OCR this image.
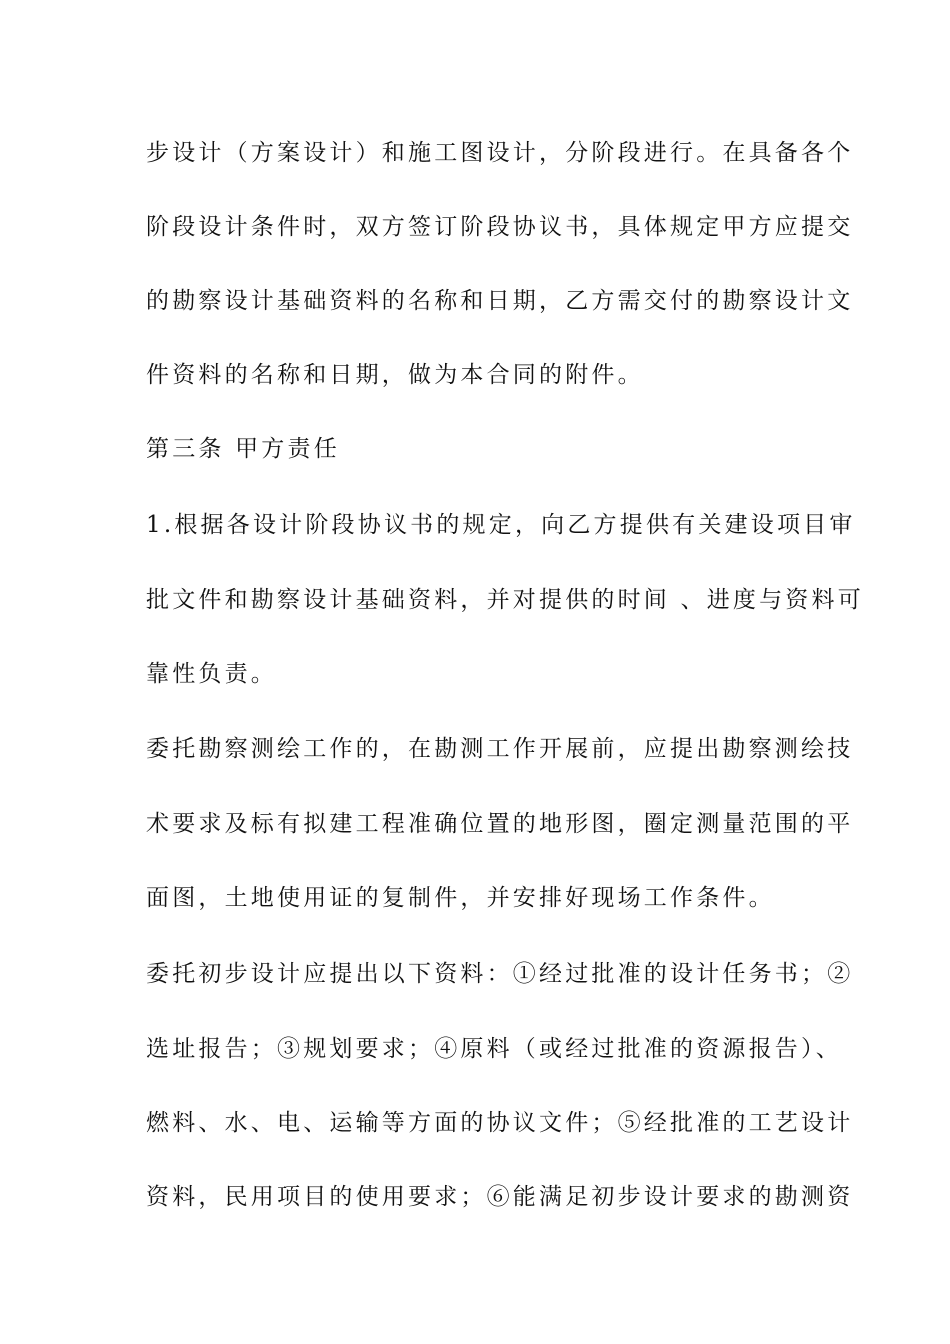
步设计（方案设计）和施工图设计，分阶段进行。在具备各个
阶段设计条件时，双方签订阶段协议书，具体规定甲方应提交
的勘察设计基础资料的名称和日期，乙方需交付的勘察设计文
件资料的名称和日期，做为本合同的附件。
第三条 甲方责任
1.根据各设计阶段协议书的规定，向乙方提供有关建设项目审
批文件和勘察设计基础资料，并对提供的时间 、进度与资料可
靠性负责。
委托勘察测绘工作的，在勘测工作开展前，应提出勘察测绘技
术要求及标有拟建工程准确位置的地形图，圈定测量范围的平
面图，土地使用证的复制件，并安排好现场工作条件。
委托初步设计应提出以下资料：①经过批准的设计任务书；②
选址报告；③规划要求；④原料（或经过批准的资源报告）、
燃料、水、电、运输等方面的协议文件；⑤经批准的工艺设计
资料，民用项目的使用要求；⑥能满足初步设计要求的勘测资
